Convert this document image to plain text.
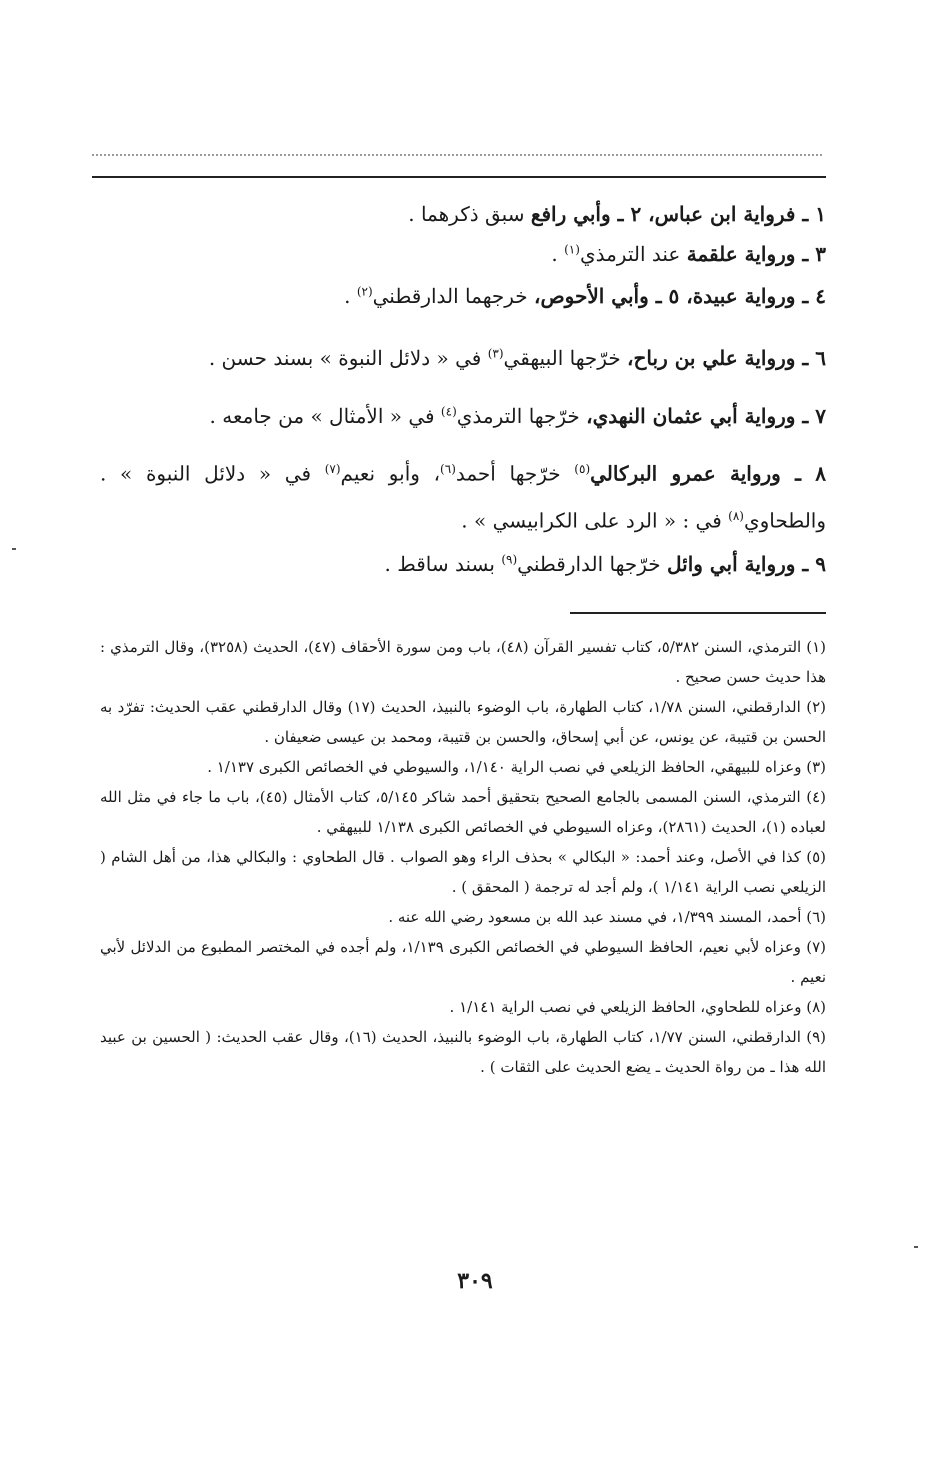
١ ـ فرواية ابن عباس، ٢ ـ وأبي رافع سبق ذكرهما .

٣ ـ ورواية علقمة عند الترمذي$^{(١)}$ .

٤ ـ ورواية عبيدة، ٥ ـ وأبي الأحوص، خرجهما الدارقطني$^{(٢)}$ .

٦ ـ ورواية علي بن رباح، خرّجها البيهقي$^{(٣)}$ في « دلائل النبوة » بسند حسن .

٧ ـ ورواية أبي عثمان النهدي، خرّجها الترمذي$^{(٤)}$ في « الأمثال » من جامعه .

٨ ـ ورواية عمرو البركالي$^{(٥)}$ خرّجها أحمد$^{(٦)}$، وأبو نعيم$^{(٧)}$ في « دلائل النبوة » . والطحاوي$^{(٨)}$ في : « الرد على الكرابيسي » .

٩ ـ ورواية أبي وائل خرّجها الدارقطني$^{(٩)}$ بسند ساقط .

(١) الترمذي، السنن ٥/٣٨٢، كتاب تفسير القرآن (٤٨)، باب ومن سورة الأحقاف (٤٧)، الحديث (٣٢٥٨)، وقال الترمذي : هذا حديث حسن صحيح .

(٢) الدارقطني، السنن ١/٧٨، كتاب الطهارة، باب الوضوء بالنبيذ، الحديث (١٧) وقال الدارقطني عقب الحديث: تفرّد به الحسن بن قتيبة، عن يونس، عن أبي إسحاق، والحسن بن قتيبة، ومحمد بن عيسى ضعيفان .

(٣) وعزاه للبيهقي، الحافظ الزيلعي في نصب الراية ١/١٤٠، والسيوطي في الخصائص الكبرى ١/١٣٧ .

(٤) الترمذي، السنن المسمى بالجامع الصحيح بتحقيق أحمد شاكر ٥/١٤٥، كتاب الأمثال (٤٥)، باب ما جاء في مثل الله لعباده (١)، الحديث (٢٨٦١)، وعزاه السيوطي في الخصائص الكبرى ١/١٣٨ للبيهقي .

(٥) كذا في الأصل، وعند أحمد: « البكالي » بحذف الراء وهو الصواب . قال الطحاوي : والبكالي هذا، من أهل الشام ( الزيلعي نصب الراية ١/١٤١ )، ولم أجد له ترجمة ( المحقق ) .

(٦) أحمد، المسند ١/٣٩٩، في مسند عبد الله بن مسعود رضي الله عنه .

(٧) وعزاه لأبي نعيم، الحافظ السيوطي في الخصائص الكبرى ١/١٣٩، ولم أجده في المختصر المطبوع من الدلائل لأبي نعيم .

(٨) وعزاه للطحاوي، الحافظ الزيلعي في نصب الراية ١/١٤١ .

(٩) الدارقطني، السنن ١/٧٧، كتاب الطهارة، باب الوضوء بالنبيذ، الحديث (١٦)، وقال عقب الحديث: ( الحسين بن عبيد الله هذا ـ من رواة الحديث ـ يضع الحديث على الثقات ) .

٣٠٩
